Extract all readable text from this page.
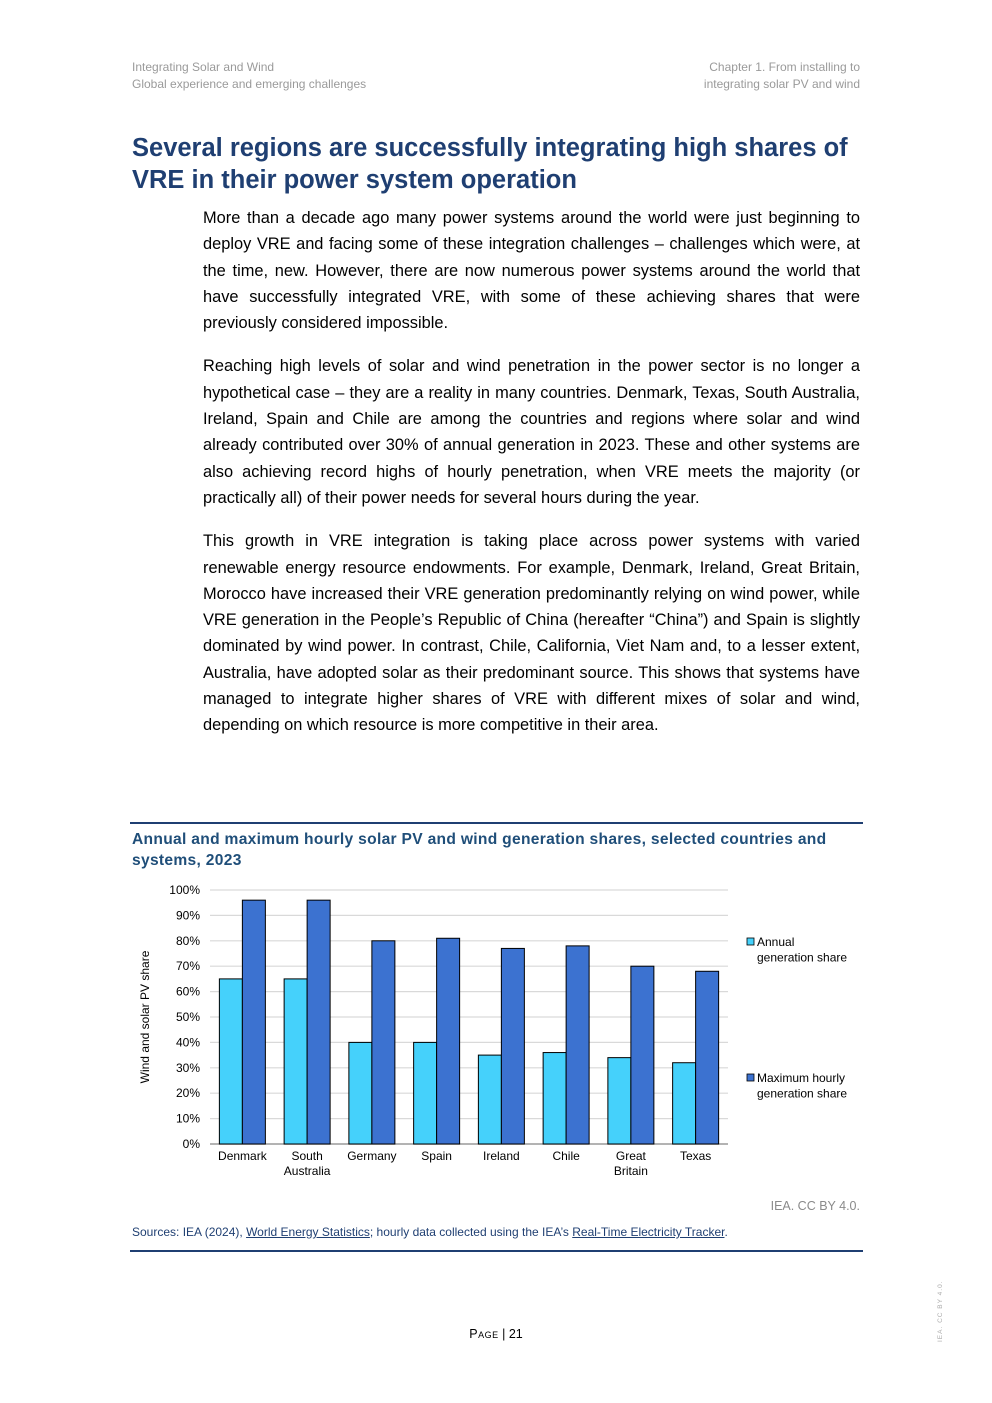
Integrating Solar and Wind
Global experience and emerging challenges
Chapter 1. From installing to
integrating solar PV and wind
Several regions are successfully integrating high shares of VRE in their power system operation

More than a decade ago many power systems around the world were just beginning to deploy VRE and facing some of these integration challenges – challenges which were, at the time, new. However, there are now numerous power systems around the world that have successfully integrated VRE, with some of these achieving shares that were previously considered impossible.

Reaching high levels of solar and wind penetration in the power sector is no longer a hypothetical case – they are a reality in many countries. Denmark, Texas, South Australia, Ireland, Spain and Chile are among the countries and regions where solar and wind already contributed over 30% of annual generation in 2023. These and other systems are also achieving record highs of hourly penetration, when VRE meets the majority (or practically all) of their power needs for several hours during the year.

This growth in VRE integration is taking place across power systems with varied renewable energy resource endowments. For example, Denmark, Ireland, Great Britain, Morocco have increased their VRE generation predominantly relying on wind power, while VRE generation in the People’s Republic of China (hereafter “China”) and Spain is slightly dominated by wind power. In contrast, Chile, California, Viet Nam and, to a lesser extent, Australia, have adopted solar as their predominant source. This shows that systems have managed to integrate higher shares of VRE with different mixes of solar and wind, depending on which resource is more competitive in their area.

Annual and maximum hourly solar PV and wind generation shares, selected countries and systems, 2023
0%
10%
20%
30%
40%
50%
60%
70%
80%
90%
100%
Wind and solar PV share
Denmark South
Australia
Germany Spain	Ireland	Chile	Great
Britain
Texas
Annual
generation share
Maximum hourly
generation share
IEA. CC BY 4.0.
Sources: IEA (2024), World Energy Statistics; hourly data collected using the IEA’s Real-Time Electricity Tracker.
Page | 21	IEA. CC BY 4.0.
